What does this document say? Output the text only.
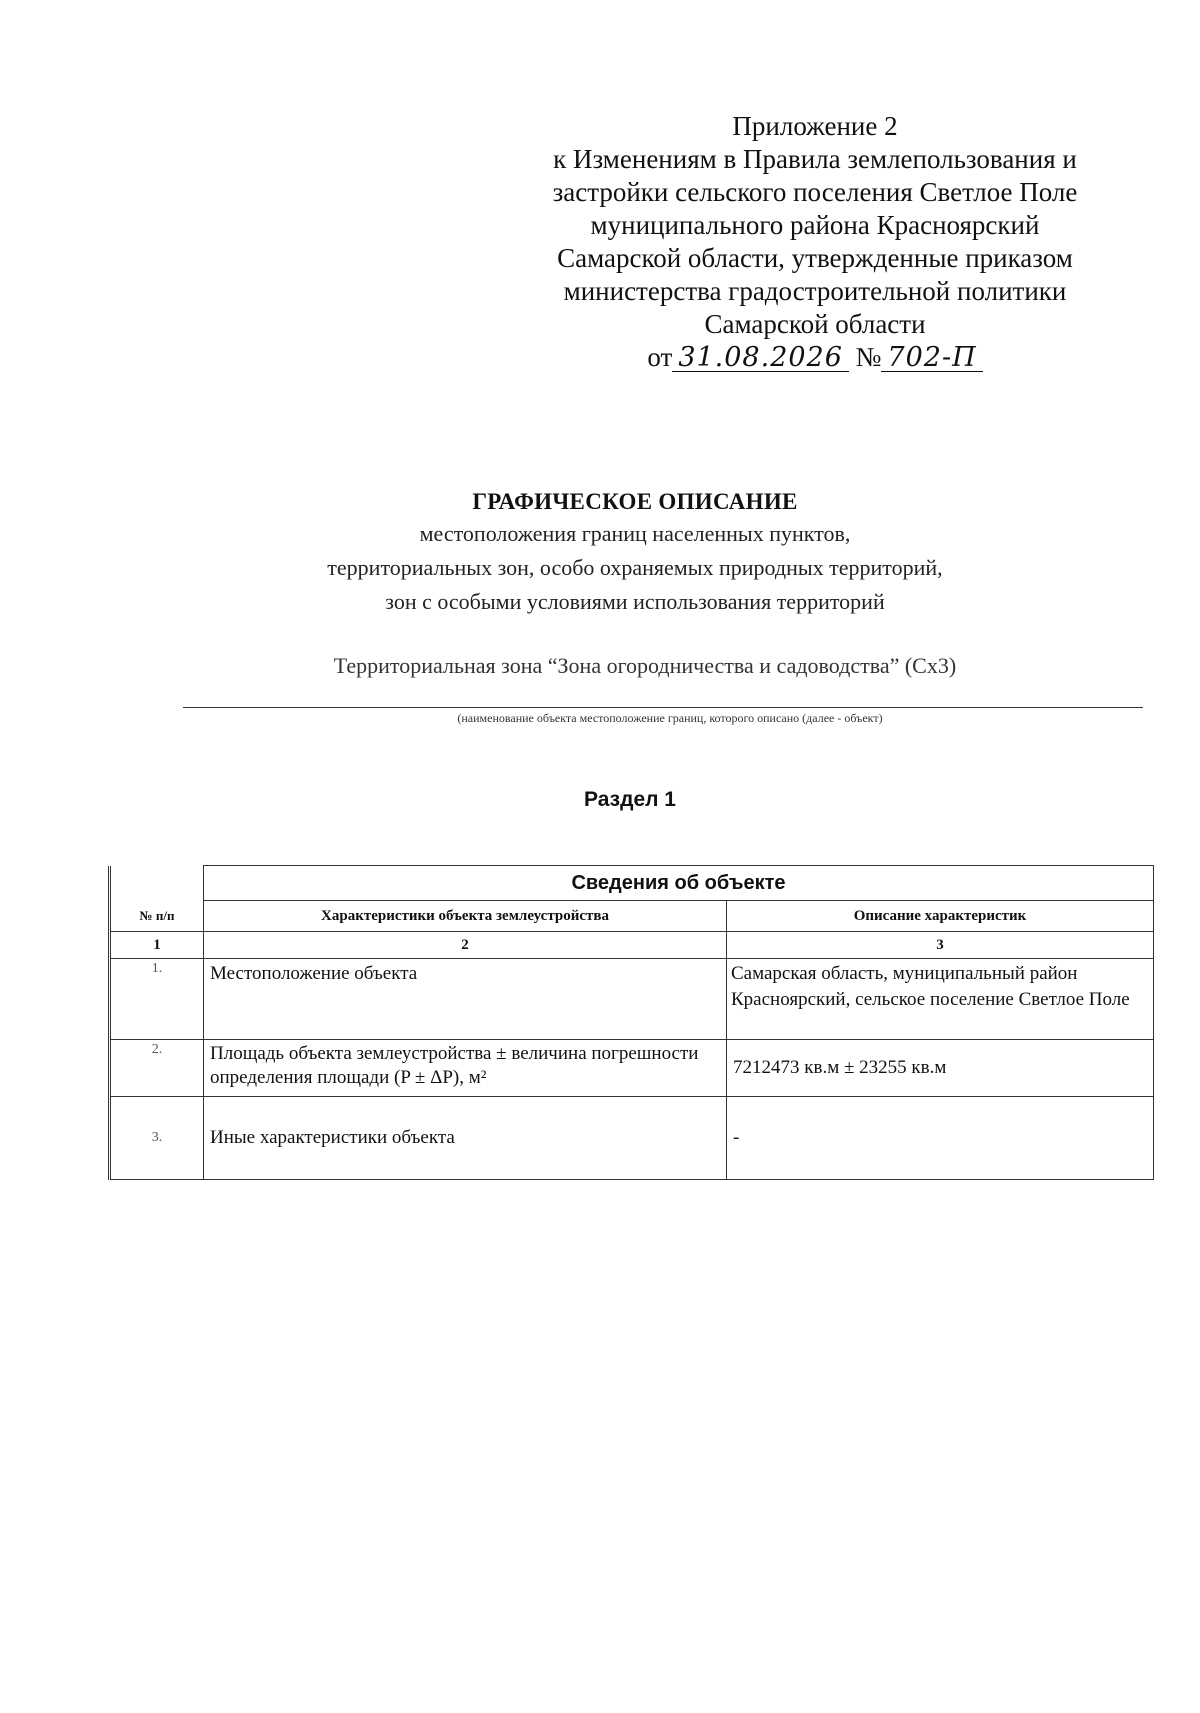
Приложение 2
к Изменениям в Правила землепользования и
застройки сельского поселения Светлое Поле
муниципального района Красноярский
Самарской области, утвержденные приказом
министерства градостроительной политики
Самарской области
от 31.08.2026 № 702-П
ГРАФИЧЕСКОЕ ОПИСАНИЕ
местоположения границ населенных пунктов,
территориальных зон, особо охраняемых природных территорий,
зон с особыми условиями использования территорий
Территориальная зона “Зона огородничества и садоводства” (Сх3)
(наименование объекта местоположение границ, которого описано (далее - объект)
Раздел 1
	Сведения об объекте	
№ п/п	Характеристики объекта землеустройства	Описание характеристик
1	2	3
1.	Местоположение объекта	Самарская область, муниципальный район Красноярский, сельское поселение Светлое Поле
2.	Площадь объекта землеустройства ± величина погрешности определения площади (P ± ΔP), м²	7212473 кв.м ± 23255 кв.м
3.	Иные характеристики объекта	-
